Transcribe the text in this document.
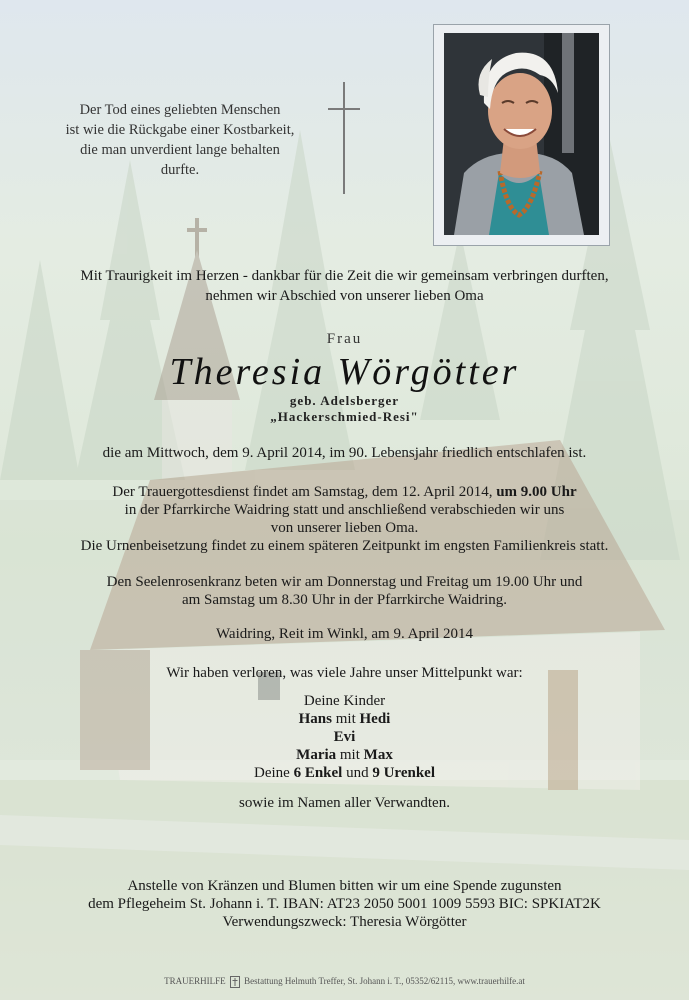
Der Tod eines geliebten Menschen
ist wie die Rückgabe einer Kostbarkeit,
die man unverdient lange behalten
durfte.
Mit Traurigkeit im Herzen - dankbar für die Zeit die wir gemeinsam verbringen durften,
nehmen wir Abschied von unserer lieben Oma
Frau
Theresia Wörgötter
geb. Adelsberger
„Hackerschmied-Resi"
die am Mittwoch, dem 9. April 2014, im 90. Lebensjahr friedlich entschlafen ist.
Der Trauergottesdienst findet am Samstag, dem 12. April 2014, um 9.00 Uhr
in der Pfarrkirche Waidring statt und anschließend verabschieden wir uns
von unserer lieben Oma.
Die Urnenbeisetzung findet zu einem späteren Zeitpunkt im engsten Familienkreis statt.
Den Seelenrosenkranz beten wir am Donnerstag und Freitag um 19.00 Uhr und
am Samstag um 8.30 Uhr in der Pfarrkirche Waidring.
Waidring, Reit im Winkl, am 9. April 2014
Wir haben verloren, was viele Jahre unser Mittelpunkt war:
Deine Kinder
Hans mit Hedi
Evi
Maria mit Max
Deine 6 Enkel und 9 Urenkel
sowie im Namen aller Verwandten.
Anstelle von Kränzen und Blumen bitten wir um eine Spende zugunsten
dem Pflegeheim St. Johann i. T. IBAN: AT23 2050 5001 1009 5593 BIC: SPKIAT2K
Verwendungszweck: Theresia Wörgötter
TRAUERHILFE Bestattung Helmuth Treffer, St. Johann i. T., 05352/62115, www.trauerhilfe.at
